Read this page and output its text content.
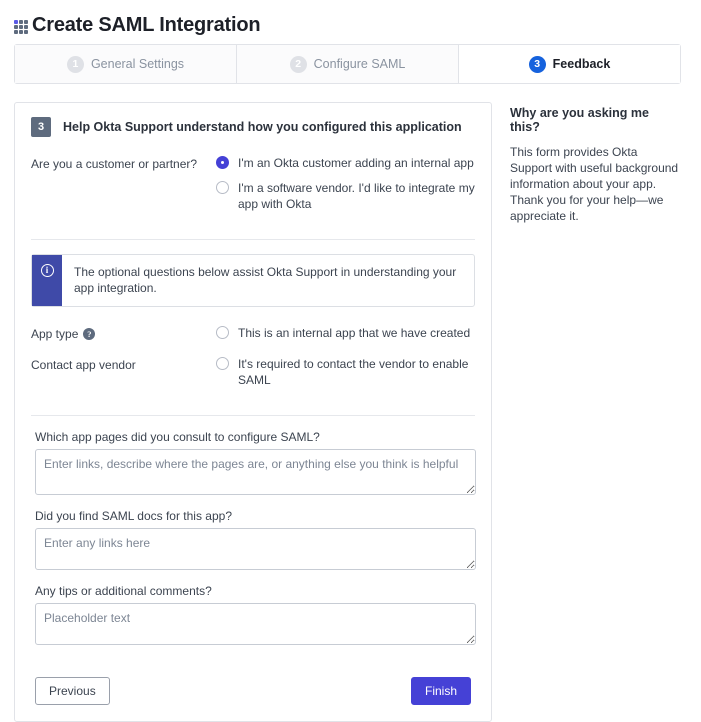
Create SAML Integration
1	General Settings	2	Configure SAML	3	Feedback
3	Help Okta Support understand how you configured this application
Are you a customer or partner?	I'm an Okta customer adding an internal app
I'm a software vendor. I'd like to integrate my app with Okta
i	The optional questions below assist Okta Support in understanding your app integration.
App type	?	This is an internal app that we have created
Contact app vendor	It's required to contact the vendor to enable SAML
Which app pages did you consult to configure SAML?
Enter links, describe where the pages are, or anything else you think is helpful
Did you find SAML docs for this app?
Enter any links here
Any tips or additional comments?
Placeholder text
Previous	Finish
Why are you asking me this?

This form provides Okta Support with useful background information about your app. Thank you for your help—we appreciate it.
